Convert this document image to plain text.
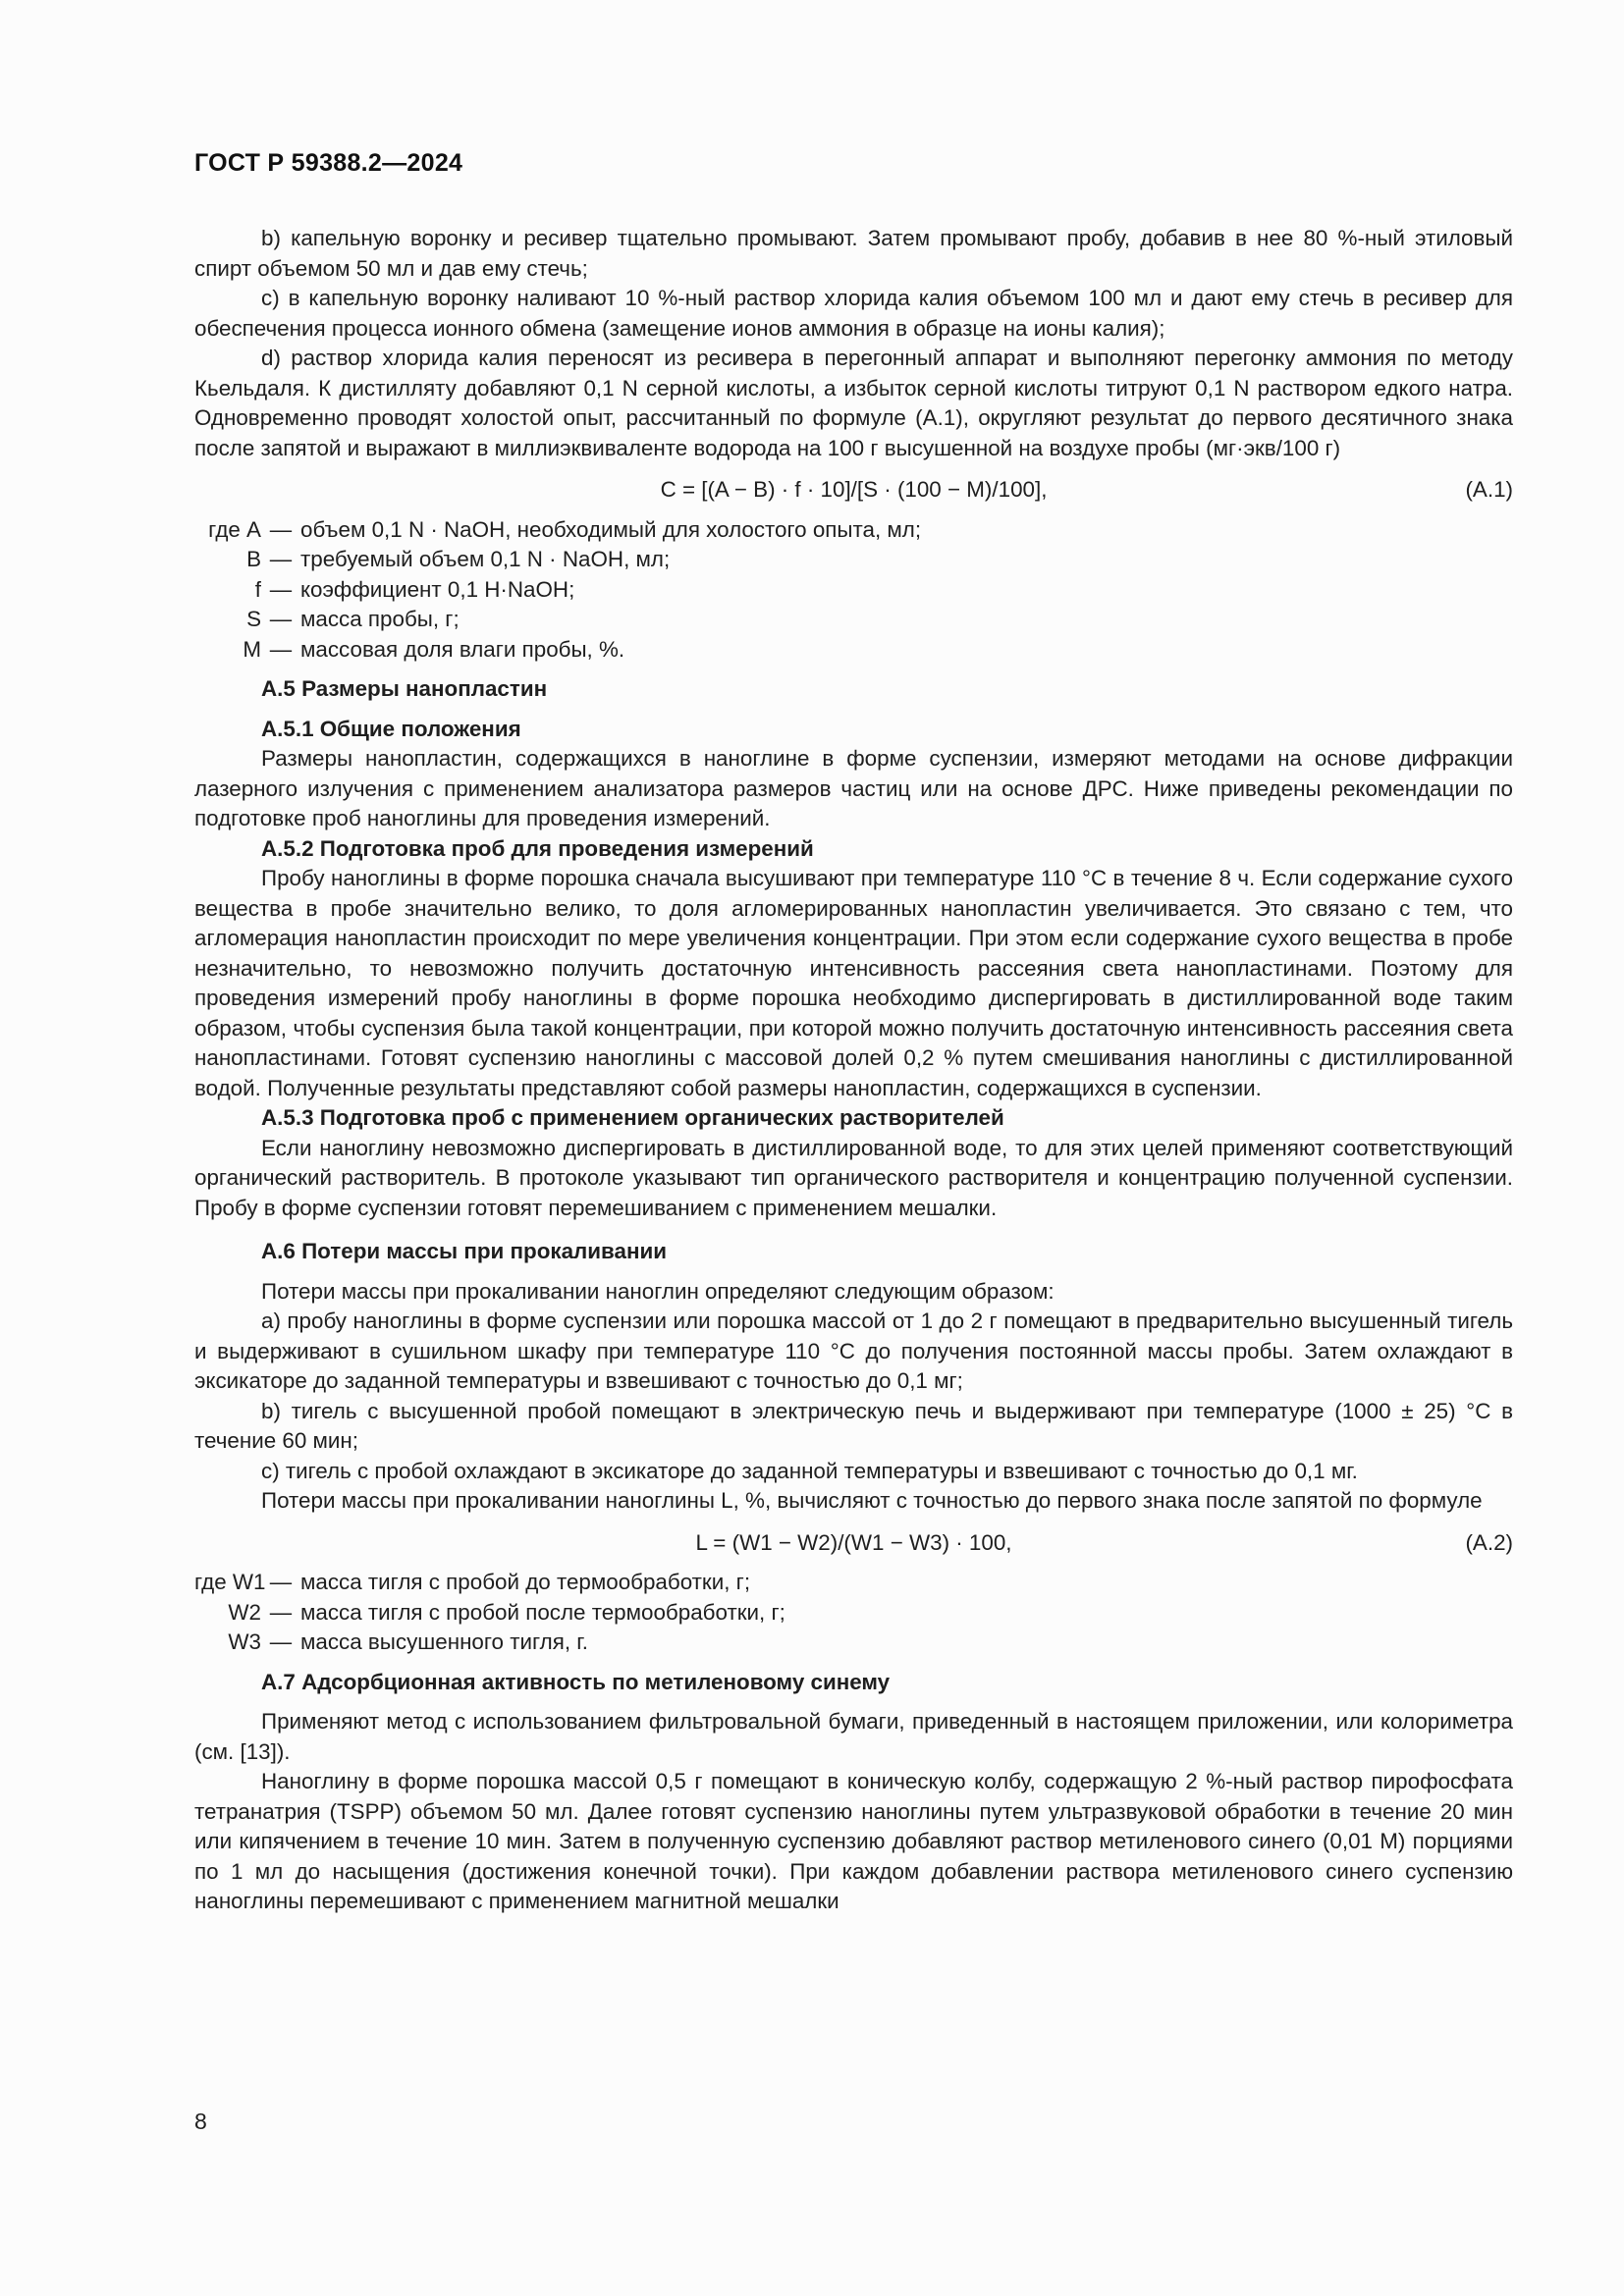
ГОСТ Р 59388.2—2024

b) капельную воронку и ресивер тщательно промывают. Затем промывают пробу, добавив в нее 80 %-ный этиловый спирт объемом 50 мл и дав ему стечь;

c) в капельную воронку наливают 10 %-ный раствор хлорида калия объемом 100 мл и дают ему стечь в ресивер для обеспечения процесса ионного обмена (замещение ионов аммония в образце на ионы калия);

d) раствор хлорида калия переносят из ресивера в перегонный аппарат и выполняют перегонку аммония по методу Кьельдаля. К дистилляту добавляют 0,1 N серной кислоты, а избыток серной кислоты титруют 0,1 N раствором едкого натра. Одновременно проводят холостой опыт, рассчитанный по формуле (А.1), округляют результат до первого десятичного знака после запятой и выражают в миллиэквиваленте водорода на 100 г высушенной на воздухе пробы (мг·экв/100 г)

C = [(A − B) · f · 10]/[S · (100 − M)/100],	(А.1)
где A — объем 0,1 N · NaOH, необходимый для холостого опыта, мл;
B — требуемый объем 0,1 N · NaOH, мл;
f — коэффициент 0,1 H·NaOH;
S — масса пробы, г;
M — массовая доля влаги пробы, %.

А.5 Размеры нанопластин

А.5.1 Общие положения

Размеры нанопластин, содержащихся в наноглине в форме суспензии, измеряют методами на основе дифракции лазерного излучения с применением анализатора размеров частиц или на основе ДРС. Ниже приведены рекомендации по подготовке проб наноглины для проведения измерений.

А.5.2 Подготовка проб для проведения измерений

Пробу наноглины в форме порошка сначала высушивают при температуре 110 °С в течение 8 ч. Если содержание сухого вещества в пробе значительно велико, то доля агломерированных нанопластин увеличивается. Это связано с тем, что агломерация нанопластин происходит по мере увеличения концентрации. При этом если содержание сухого вещества в пробе незначительно, то невозможно получить достаточную интенсивность рассеяния света нанопластинами. Поэтому для проведения измерений пробу наноглины в форме порошка необходимо диспергировать в дистиллированной воде таким образом, чтобы суспензия была такой концентрации, при которой можно получить достаточную интенсивность рассеяния света нанопластинами. Готовят суспензию наноглины с массовой долей 0,2 % путем смешивания наноглины с дистиллированной водой. Полученные результаты представляют собой размеры нанопластин, содержащихся в суспензии.

А.5.3 Подготовка проб с применением органических растворителей

Если наноглину невозможно диспергировать в дистиллированной воде, то для этих целей применяют соответствующий органический растворитель. В протоколе указывают тип органического растворителя и концентрацию полученной суспензии. Пробу в форме суспензии готовят перемешиванием с применением мешалки.

А.6 Потери массы при прокаливании

Потери массы при прокаливании наноглин определяют следующим образом:

a) пробу наноглины в форме суспензии или порошка массой от 1 до 2 г помещают в предварительно высушенный тигель и выдерживают в сушильном шкафу при температуре 110 °С до получения постоянной массы пробы. Затем охлаждают в эксикаторе до заданной температуры и взвешивают с точностью до 0,1 мг;

b) тигель с высушенной пробой помещают в электрическую печь и выдерживают при температуре (1000 ± 25) °С в течение 60 мин;

c) тигель с пробой охлаждают в эксикаторе до заданной температуры и взвешивают с точностью до 0,1 мг.

Потери массы при прокаливании наноглины L, %, вычисляют с точностью до первого знака после запятой по формуле

L = (W1 − W2)/(W1 − W3) · 100,	(А.2)
где W1 — масса тигля с пробой до термообработки, г;
W2 — масса тигля с пробой после термообработки, г;
W3 — масса высушенного тигля, г.

А.7 Адсорбционная активность по метиленовому синему

Применяют метод с использованием фильтровальной бумаги, приведенный в настоящем приложении, или колориметра (см. [13]).

Наноглину в форме порошка массой 0,5 г помещают в коническую колбу, содержащую 2 %-ный раствор пирофосфата тетранатрия (TSPP) объемом 50 мл. Далее готовят суспензию наноглины путем ультразвуковой обработки в течение 20 мин или кипячением в течение 10 мин. Затем в полученную суспензию добавляют раствор метиленового синего (0,01 М) порциями по 1 мл до насыщения (достижения конечной точки). При каждом добавлении раствора метиленового синего суспензию наноглины перемешивают с применением магнитной мешалки

8
